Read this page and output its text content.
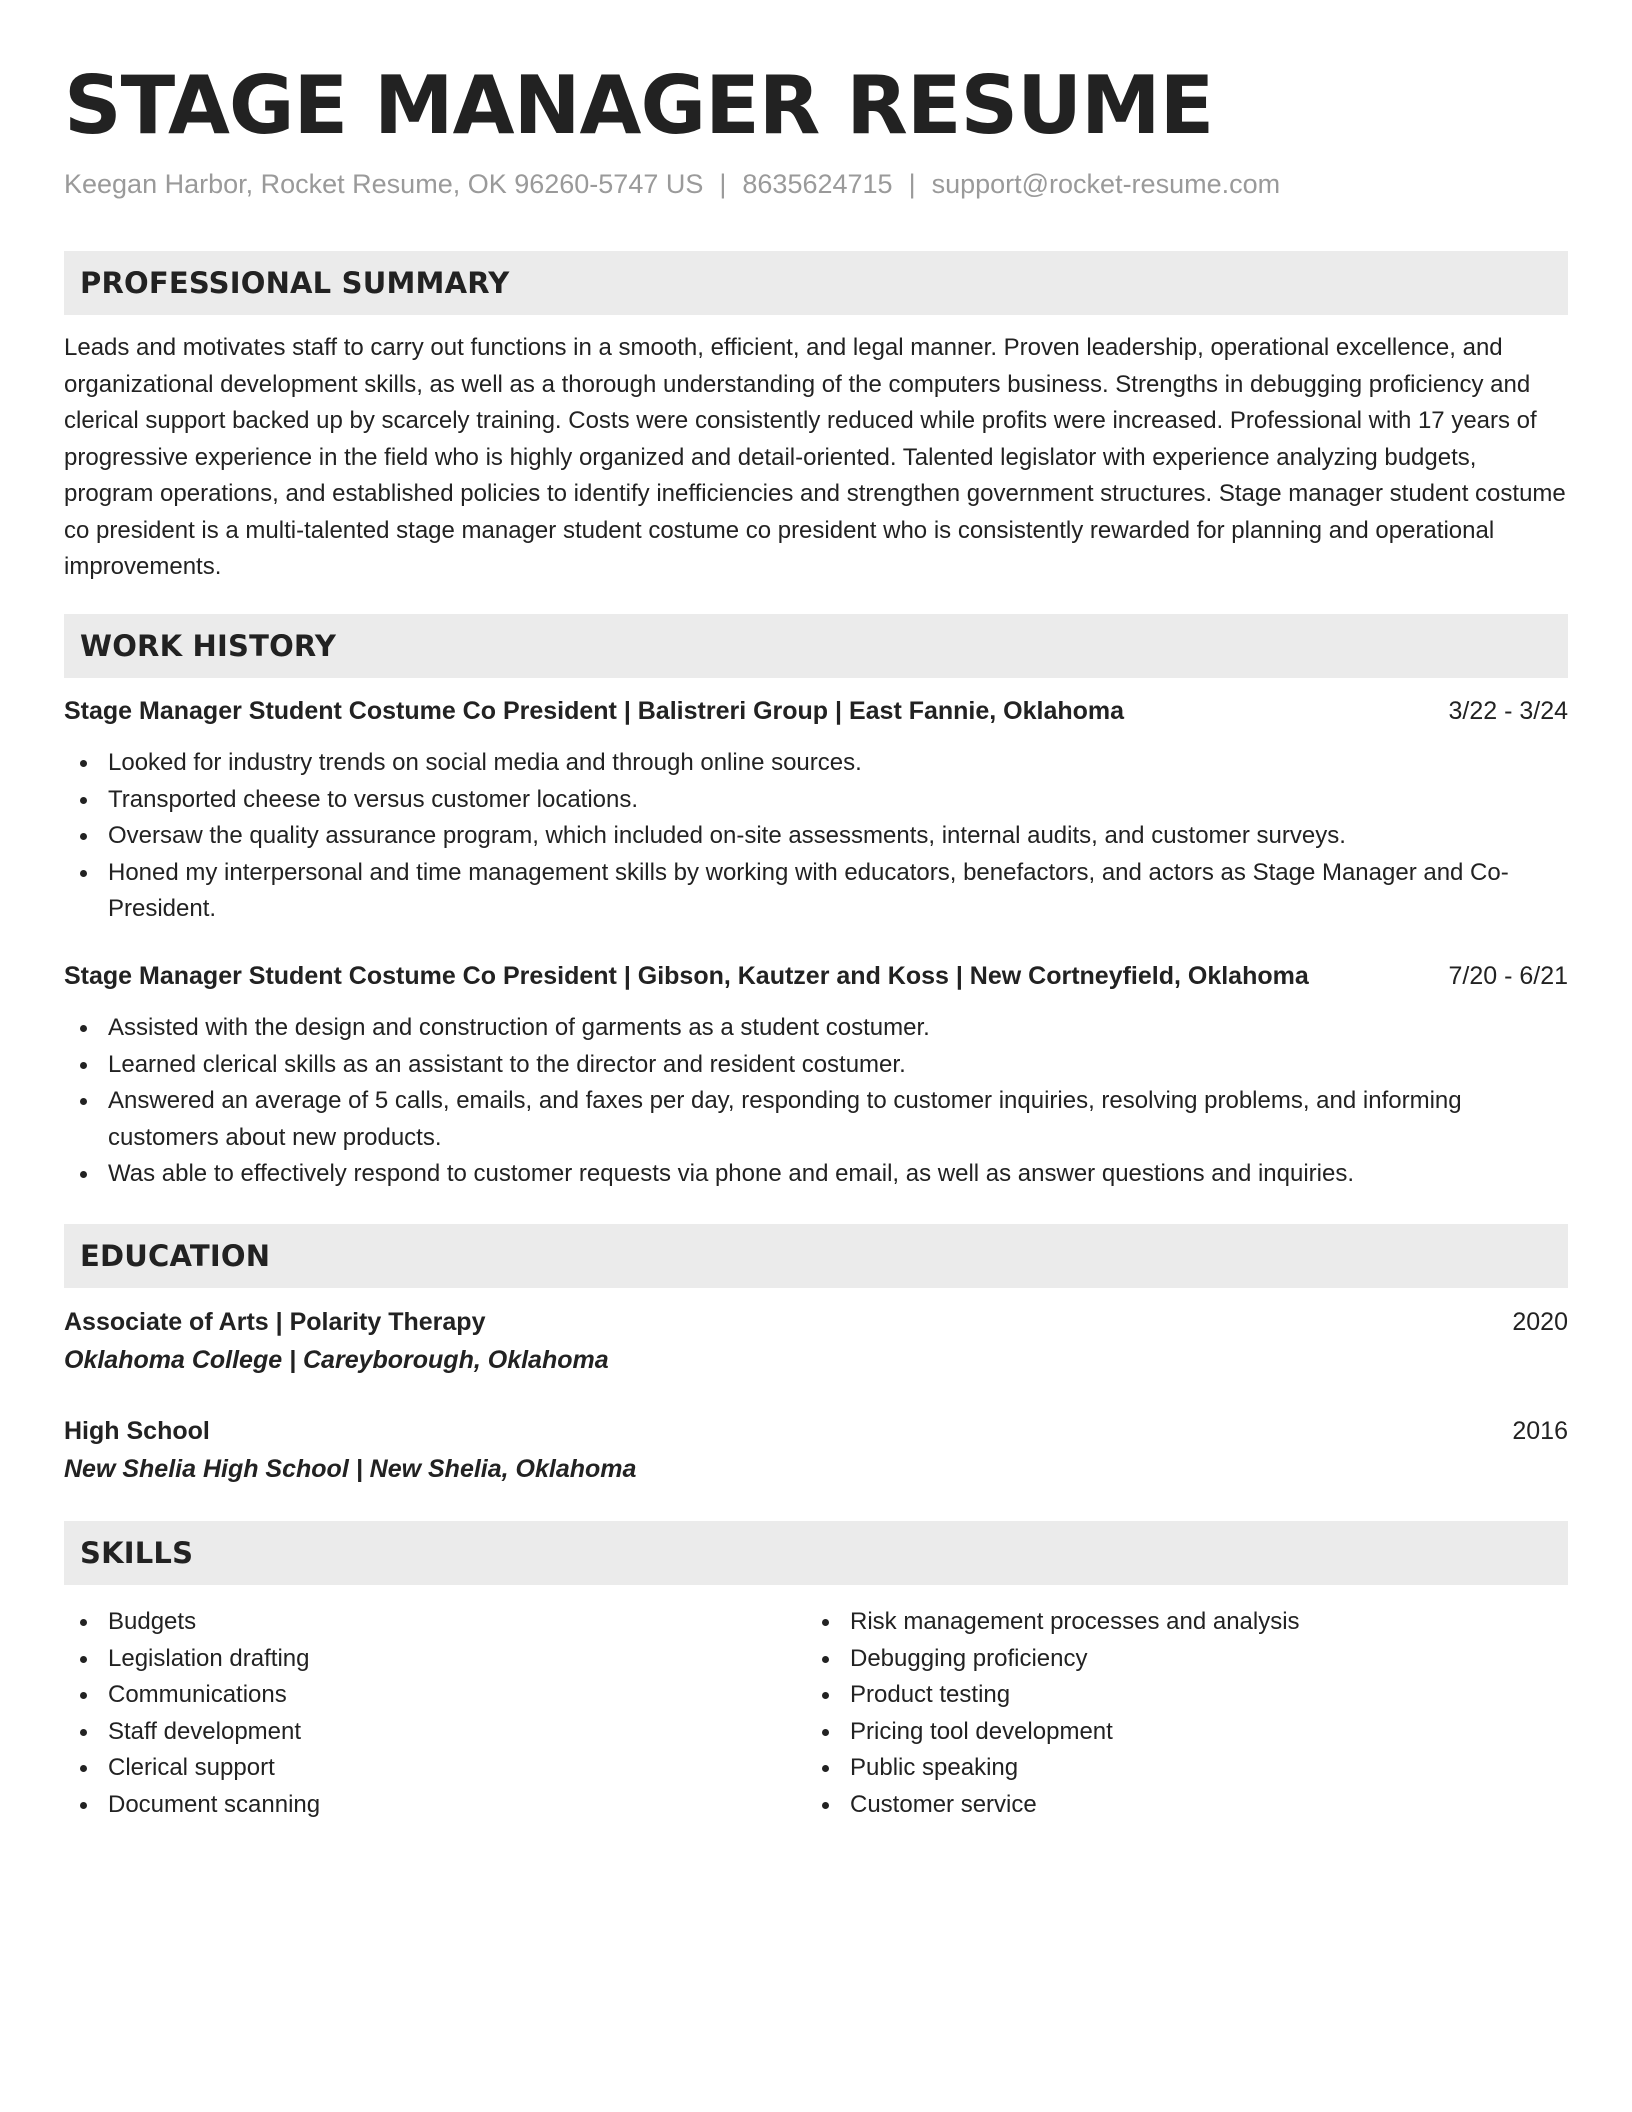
STAGE MANAGER RESUME
Keegan Harbor, Rocket Resume, OK 96260-5747 US | 8635624715 | support@rocket-resume.com
PROFESSIONAL SUMMARY

Leads and motivates staff to carry out functions in a smooth, efficient, and legal manner. Proven leadership, operational excellence, and organizational development skills, as well as a thorough understanding of the computers business. Strengths in debugging proficiency and clerical support backed up by scarcely training. Costs were consistently reduced while profits were increased. Professional with 17 years of progressive experience in the field who is highly organized and detail-oriented. Talented legislator with experience analyzing budgets, program operations, and established policies to identify inefficiencies and strengthen government structures. Stage manager student costume co president is a multi-talented stage manager student costume co president who is consistently rewarded for planning and operational improvements.

WORK HISTORY
Stage Manager Student Costume Co President | Balistreri Group | East Fannie, Oklahoma	3/22 - 3/24
Looked for industry trends on social media and through online sources.
Transported cheese to versus customer locations.
Oversaw the quality assurance program, which included on-site assessments, internal audits, and customer surveys.
Honed my interpersonal and time management skills by working with educators, benefactors, and actors as Stage Manager and Co-President.
Stage Manager Student Costume Co President | Gibson, Kautzer and Koss | New Cortneyfield, Oklahoma	7/20 - 6/21
Assisted with the design and construction of garments as a student costumer.
Learned clerical skills as an assistant to the director and resident costumer.
Answered an average of 5 calls, emails, and faxes per day, responding to customer inquiries, resolving problems, and informing customers about new products.
Was able to effectively respond to customer requests via phone and email, as well as answer questions and inquiries.
EDUCATION
Associate of Arts | Polarity Therapy	2020
Oklahoma College | Careyborough, Oklahoma
High School	2016
New Shelia High School | New Shelia, Oklahoma
SKILLS
Budgets
Legislation drafting
Communications
Staff development
Clerical support
Document scanning
Risk management processes and analysis
Debugging proficiency
Product testing
Pricing tool development
Public speaking
Customer service
